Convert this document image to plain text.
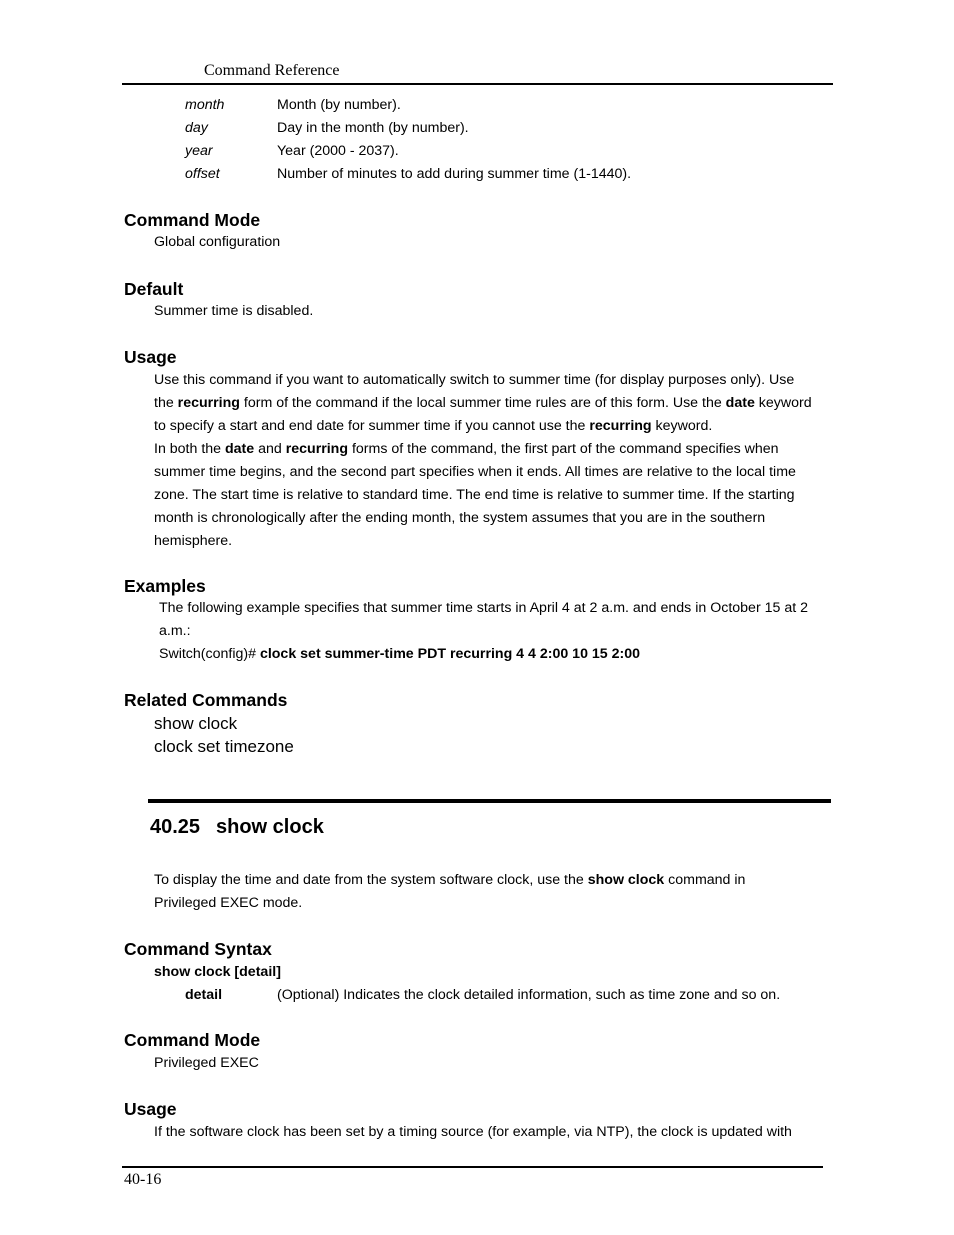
Command Reference
month	Month (by number).
day	Day in the month (by number).
year	Year (2000 - 2037).
offset	Number of minutes to add during summer time (1-1440).
Command Mode
Global configuration
Default
Summer time is disabled.
Usage
Use this command if you want to automatically switch to summer time (for display purposes only). Use
the recurring form of the command if the local summer time rules are of this form. Use the date keyword
to specify a start and end date for summer time if you cannot use the recurring keyword.
In both the date and recurring forms of the command, the first part of the command specifies when
summer time begins, and the second part specifies when it ends. All times are relative to the local time
zone. The start time is relative to standard time. The end time is relative to summer time. If the starting
month is chronologically after the ending month, the system assumes that you are in the southern
hemisphere.
Examples
The following example specifies that summer time starts in April 4 at 2 a.m. and ends in October 15 at 2
a.m.:
Switch(config)# clock set summer-time PDT recurring 4 4 2:00 10 15 2:00
Related Commands
show clock
clock set timezone
40.25 show clock
To display the time and date from the system software clock, use the show clock command in
Privileged EXEC mode.
Command Syntax
show clock [detail]
detail	(Optional) Indicates the clock detailed information, such as time zone and so on.
Command Mode
Privileged EXEC
Usage
If the software clock has been set by a timing source (for example, via NTP), the clock is updated with
40-16
